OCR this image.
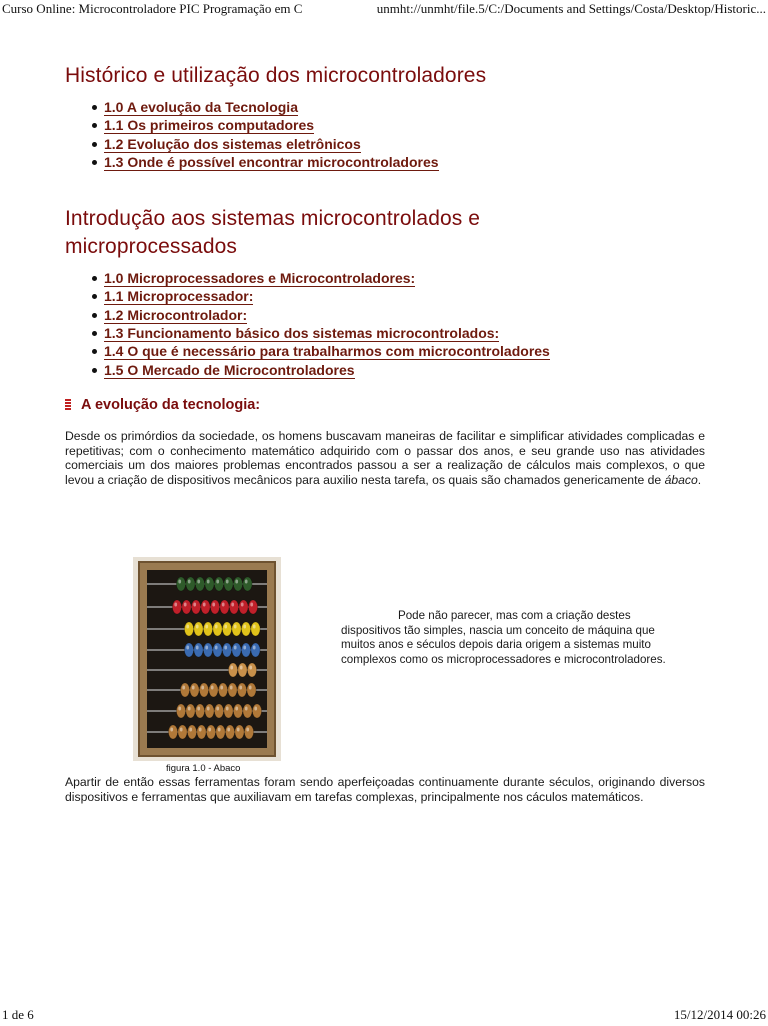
Curso Online: Microcontroladore PIC Programação em C	unmht://unmht/file.5/C:/Documents and Settings/Costa/Desktop/Historic...
Histórico e utilização dos microcontroladores
1.0 A evolução da Tecnologia
1.1 Os primeiros computadores
1.2 Evolução dos sistemas eletrônicos
1.3 Onde é possível encontrar microcontroladores
Introdução aos sistemas microcontrolados e
microprocessados
1.0 Microprocessadores e Microcontroladores:
1.1 Microprocessador:
1.2 Microcontrolador:
1.3 Funcionamento básico dos sistemas microcontrolados:
1.4 O que é necessário para trabalharmos com microcontroladores
1.5 O Mercado de Microcontroladores
A evolução da tecnologia:

Desde os primórdios da sociedade, os homens buscavam maneiras de facilitar e simplificar atividades complicadas e repetitivas; com o conhecimento matemático adquirido com o passar dos anos, e seu grande uso nas atividades comerciais um dos maiores problemas encontrados passou a ser a realização de cálculos mais complexos, o que levou a criação de dispositivos mecânicos para auxilio nesta tarefa, os quais são chamados genericamente de ábaco.

figura 1.0 - Abaco
Pode não parecer, mas com a criação destes dispositivos tão simples, nascia um conceito de máquina que muitos anos e séculos depois daria origem a sistemas muito complexos como os microprocessadores e microcontroladores.
Apartir de então essas ferramentas foram sendo aperfeiçoadas continuamente durante séculos, originando diversos dispositivos e ferramentas que auxiliavam em tarefas complexas, principalmente nos cáculos matemáticos.
1 de 6	15/12/2014 00:26
